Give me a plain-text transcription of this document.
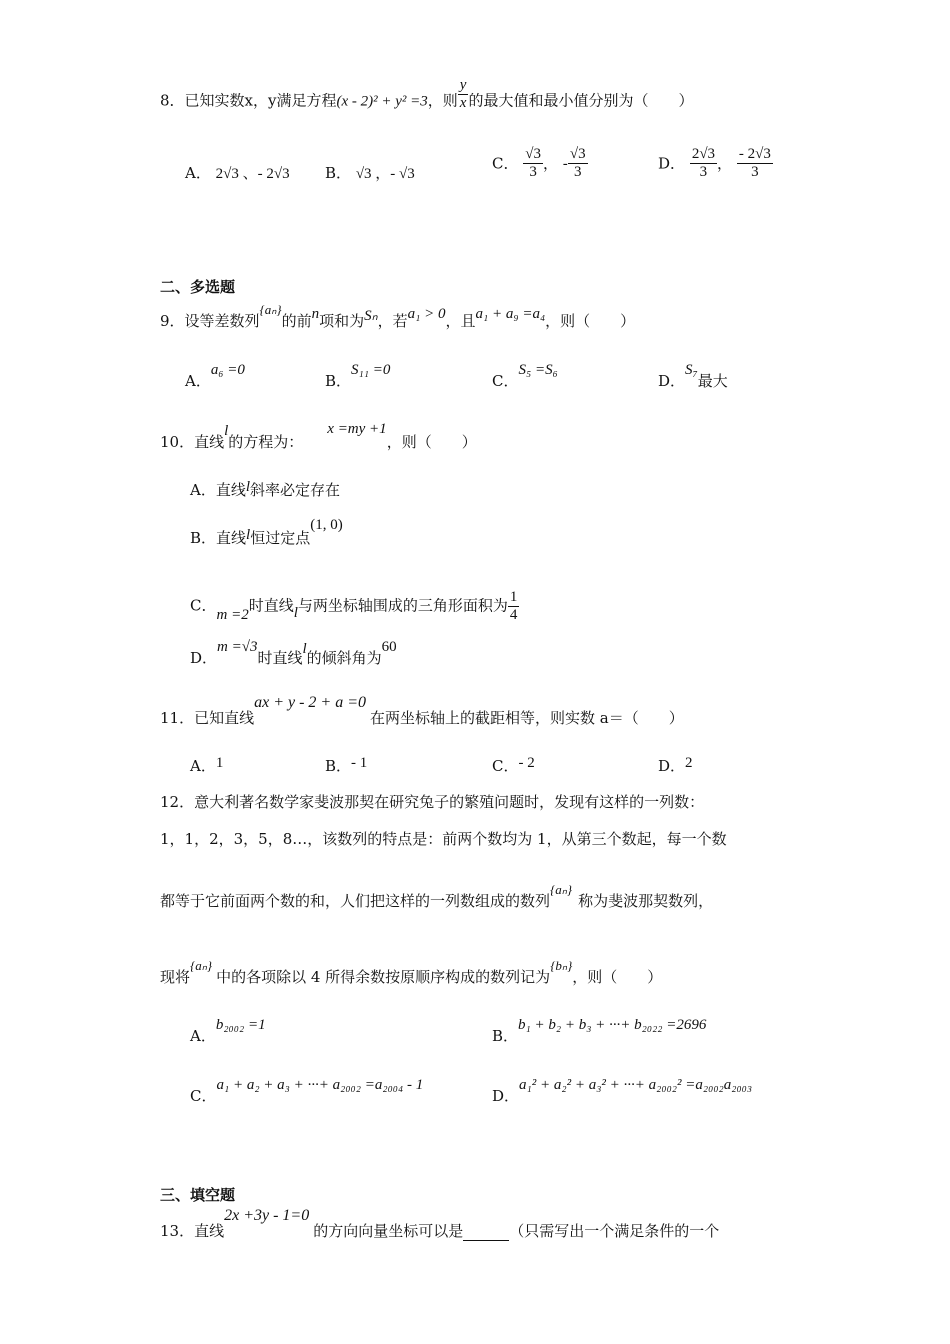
8．已知实数x，y满足方程(x - 2)² + y² =3，则 $\frac{y}{x}$ 的最大值和最小值分别为（　　）
A． 2√3 、- 2√3 B． √3 ，- √3
C． $\frac{√3}{3}$ ， - $\frac{√3}{3}$	D． $\frac{2√3}{3}$ ， $\frac{- 2√3}{3}$
二、多选题
9．设等差数列{aₙ}的前n项和为Sₙ，若a₁ > 0，且a₁ + a₉ =a₄，则（　　）
A．a₆ =0
B．S₁₁ =0
C．S₅ =S₆
D．S₇最大
10．直线l的方程为：x =my +1，则（　　）
A．直线l斜率必定存在
B．直线l恒过定点(1, 0)
C．m =2时直线l与两坐标轴围成的三角形面积为 $\frac{1}{4}$
D．m =√3时直线l的倾斜角为60
11．已知直线ax + y - 2 + a =0在两坐标轴上的截距相等，则实数 a＝（　　）
A．1	B．- 1	C．- 2	D．2
12．意大利著名数学家斐波那契在研究兔子的繁殖问题时，发现有这样的一列数：
1，1，2，3，5，8…，该数列的特点是：前两个数均为 1，从第三个数起，每一个数
都等于它前面两个数的和，人们把这样的一列数组成的数列{aₙ}称为斐波那契数列，
现将{aₙ}中的各项除以 4 所得余数按原顺序构成的数列记为{bₙ}，则（　　）
A．b₂₀₀₂ =1
B．b₁ + b₂ + b₃ + ···+ b₂₀₂₂ =2696
C．a₁ + a₂ + a₃ + ···+ a₂₀₀₂ =a₂₀₀₄ - 1
D．a₁² + a₂² + a₃² + ···+ a₂₀₀₂² =a₂₀₀₂a₂₀₀₃
三、填空题
13．直线2x +3y - 1=0的方向向量坐标可以是	（只需写出一个满足条件的一个
